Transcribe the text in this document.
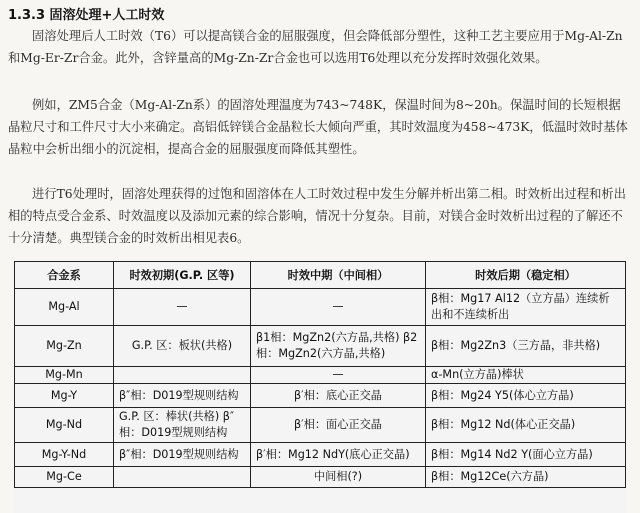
1.3.3 固溶处理+人工时效

固溶处理后人工时效（T6）可以提高镁合金的屈服强度，但会降低部分塑性，这种工艺主要应用于Mg-Al-Zn和Mg-Er-Zr合金。此外，含锌量高的Mg-Zn-Zr合金也可以选用T6处理以充分发挥时效强化效果。

例如，ZM5合金（Mg-Al-Zn系）的固溶处理温度为743~748K，保温时间为8~20h。保温时间的长短根据晶粒尺寸和工件尺寸大小来确定。高铝低锌镁合金晶粒长大倾向严重，其时效温度为458~473K，低温时效时基体晶粒中会析出细小的沉淀相，提高合金的屈服强度而降低其塑性。

进行T6处理时，固溶处理获得的过饱和固溶体在人工时效过程中发生分解并析出第二相。时效析出过程和析出相的特点受合金系、时效温度以及添加元素的综合影响，情况十分复杂。目前，对镁合金时效析出过程的了解还不十分清楚。典型镁合金的时效析出相见表6。

合金系	时效初期(G.P. 区等)	时效中期（中间相）	时效后期（稳定相）
Mg-Al	—	—	β相：Mg17 Al12（立方晶）连续析出和不连续析出
Mg-Zn	G.P. 区：板状(共格)	β1相：MgZn2(六方晶,共格) β2相：MgZn2(六方晶,共格)	β相：Mg2Zn3（三方晶，非共格)
Mg-Mn		—	α-Mn(立方晶)棒状
Mg-Y	β″相：D019型规则结构	β′相：底心正交晶	β相：Mg24 Y5(体心立方晶)
Mg-Nd	G.P. 区：棒状(共格) β″相：D019型规则结构	β′相：面心正交晶	β相：Mg12 Nd(体心正交晶)
Mg-Y-Nd	β″相：D019型规则结构	β′相：Mg12 NdY(底心正交晶)	β相：Mg14 Nd2 Y(面心立方晶)
Mg-Ce		中间相(?)	β相：Mg12Ce(六方晶)
